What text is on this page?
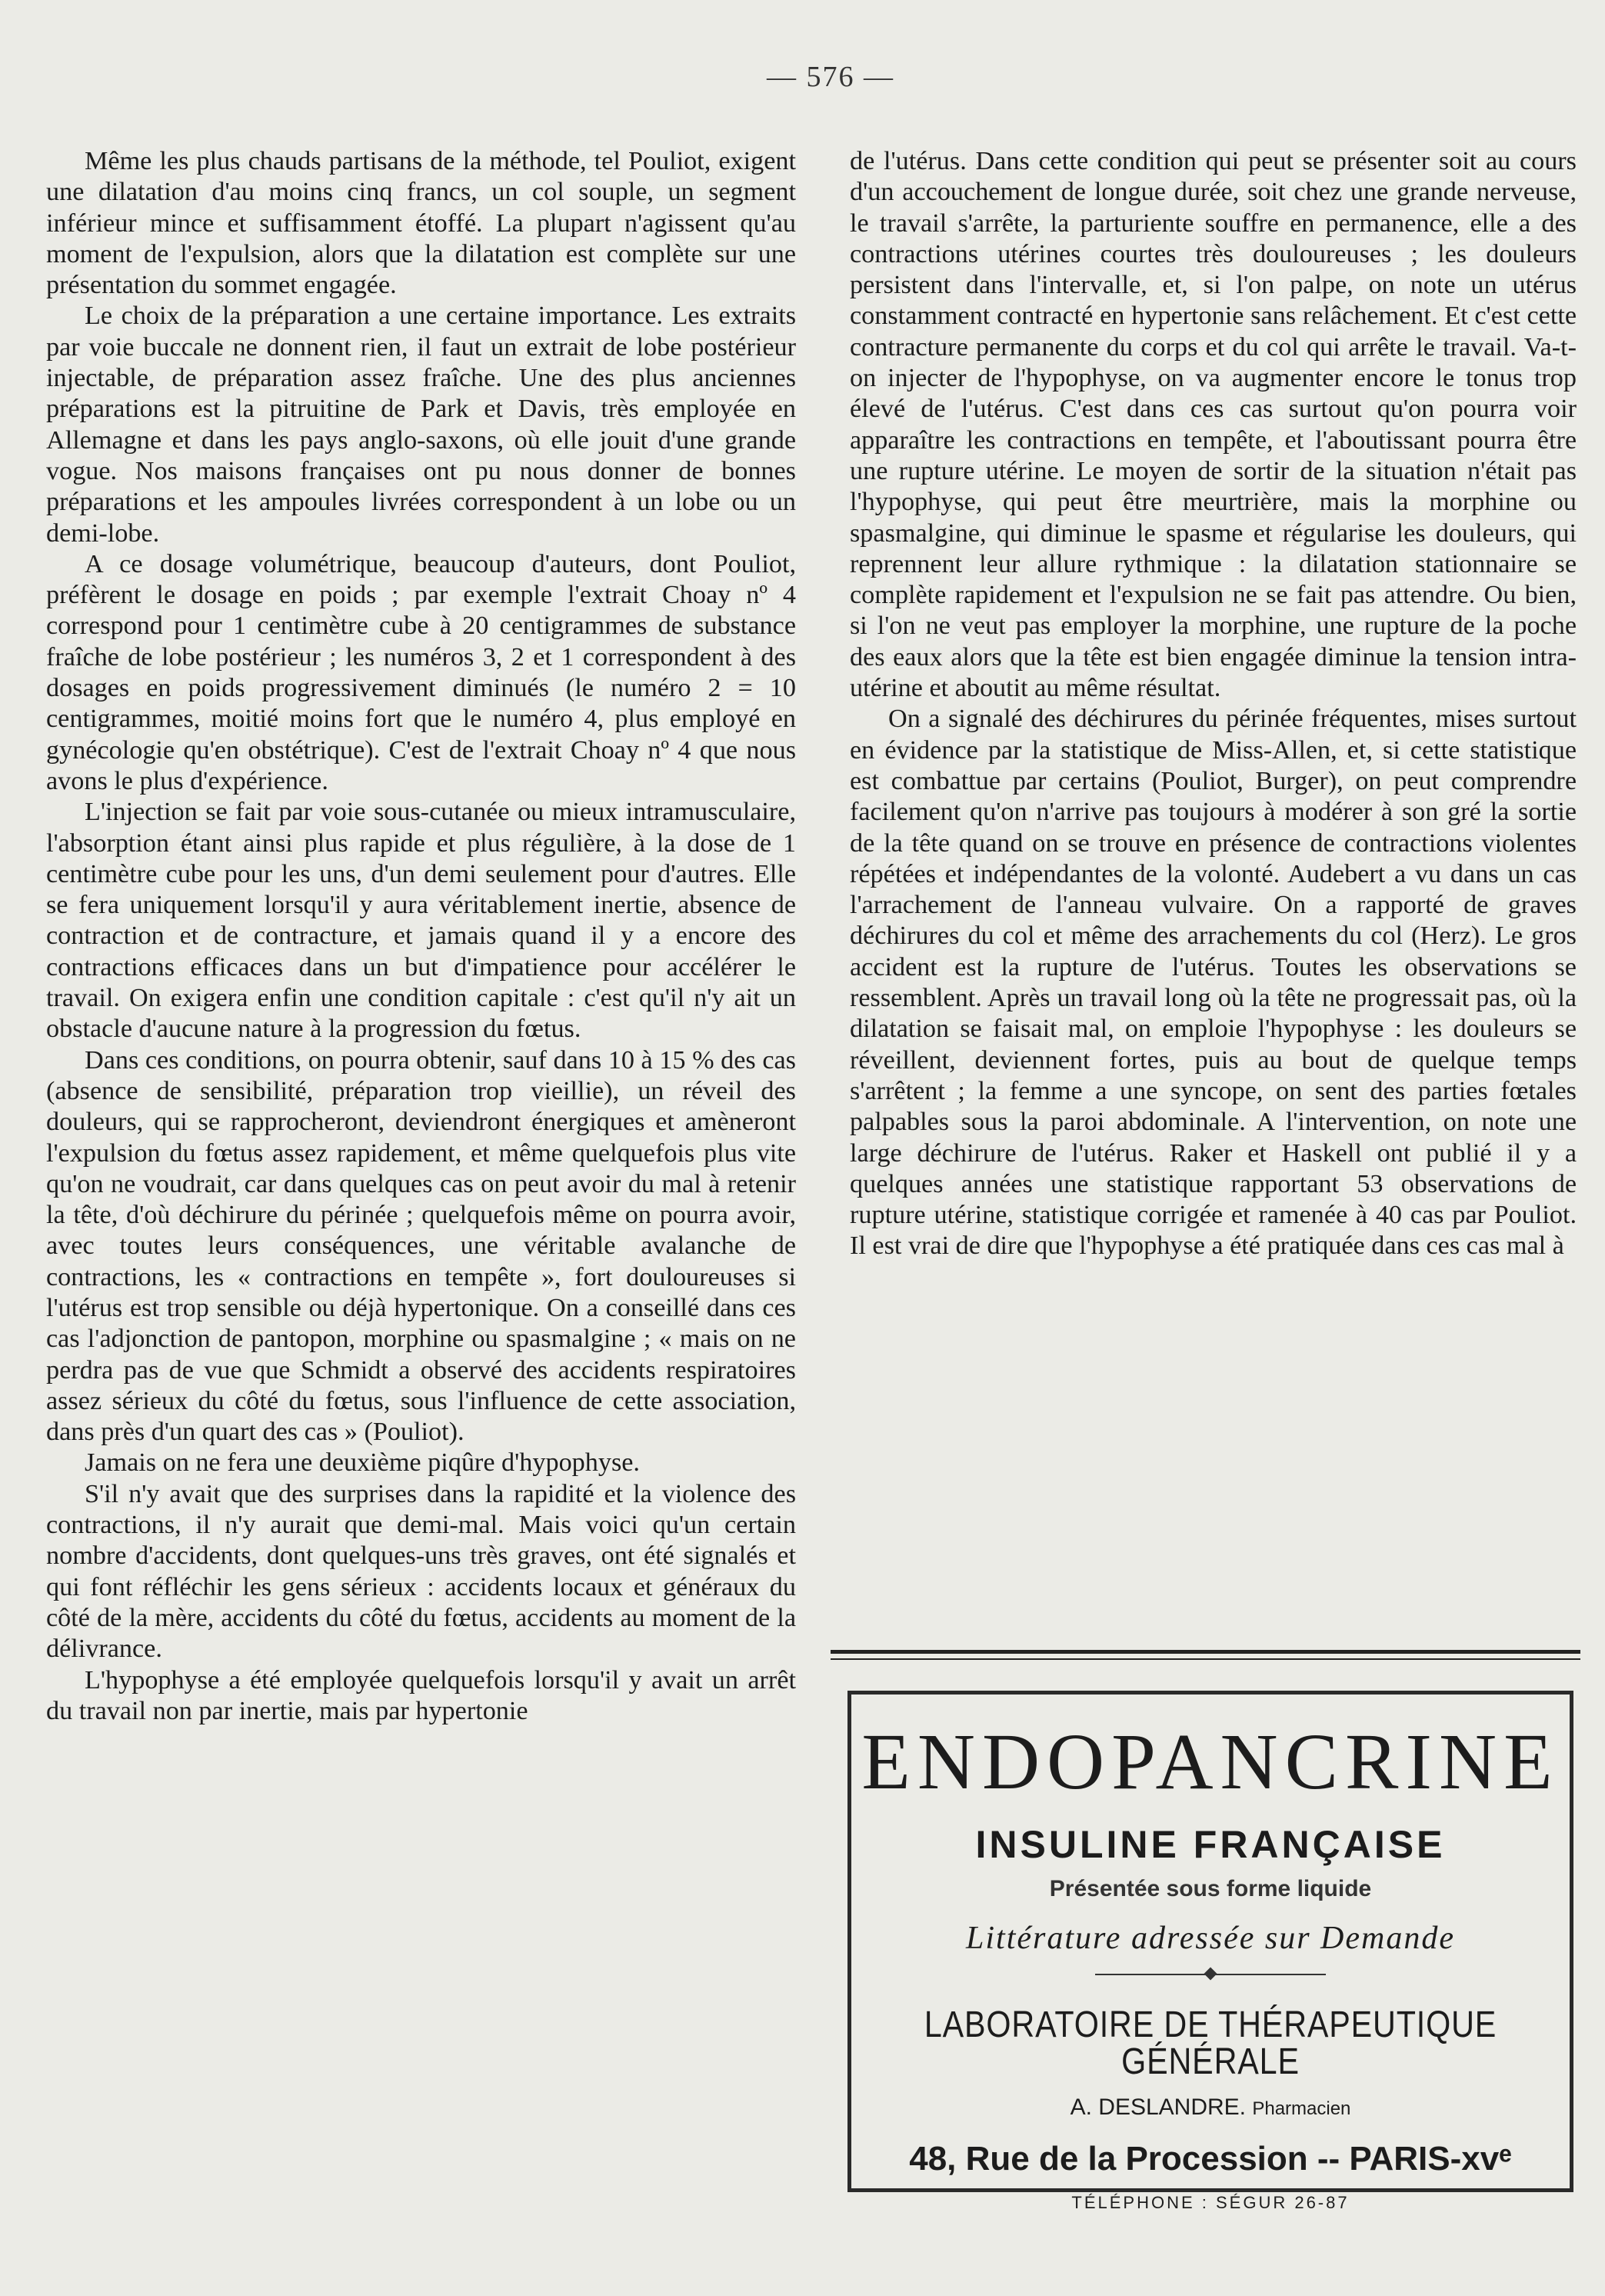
— 576 —

Même les plus chauds partisans de la méthode, tel Pouliot, exigent une dilatation d'au moins cinq francs, un col souple, un segment inférieur mince et suffisamment étoffé. La plupart n'agissent qu'au moment de l'expulsion, alors que la dilatation est complète sur une présentation du sommet engagée.

Le choix de la préparation a une certaine importance. Les extraits par voie buccale ne donnent rien, il faut un extrait de lobe postérieur injectable, de préparation assez fraîche. Une des plus anciennes préparations est la pitruitine de Park et Davis, très employée en Allemagne et dans les pays anglo-saxons, où elle jouit d'une grande vogue. Nos maisons françaises ont pu nous donner de bonnes préparations et les ampoules livrées correspondent à un lobe ou un demi-lobe.

A ce dosage volumétrique, beaucoup d'auteurs, dont Pouliot, préfèrent le dosage en poids ; par exemple l'extrait Choay nº 4 correspond pour 1 centimètre cube à 20 centigrammes de substance fraîche de lobe postérieur ; les numéros 3, 2 et 1 correspondent à des dosages en poids progressivement diminués (le numéro 2 = 10 centigrammes, moitié moins fort que le numéro 4, plus employé en gynécologie qu'en obstétrique). C'est de l'extrait Choay nº 4 que nous avons le plus d'expérience.

L'injection se fait par voie sous-cutanée ou mieux intramusculaire, l'absorption étant ainsi plus rapide et plus régulière, à la dose de 1 centimètre cube pour les uns, d'un demi seulement pour d'autres. Elle se fera uniquement lorsqu'il y aura véritablement inertie, absence de contraction et de contracture, et jamais quand il y a encore des contractions efficaces dans un but d'impatience pour accélérer le travail. On exigera enfin une condition capitale : c'est qu'il n'y ait un obstacle d'aucune nature à la progression du fœtus.

Dans ces conditions, on pourra obtenir, sauf dans 10 à 15 % des cas (absence de sensibilité, préparation trop vieillie), un réveil des douleurs, qui se rapprocheront, deviendront énergiques et amèneront l'expulsion du fœtus assez rapidement, et même quelquefois plus vite qu'on ne voudrait, car dans quelques cas on peut avoir du mal à retenir la tête, d'où déchirure du périnée ; quelquefois même on pourra avoir, avec toutes leurs conséquences, une véritable avalanche de contractions, les « contractions en tempête », fort douloureuses si l'utérus est trop sensible ou déjà hypertonique. On a conseillé dans ces cas l'adjonction de pantopon, morphine ou spasmalgine ; « mais on ne perdra pas de vue que Schmidt a observé des accidents respiratoires assez sérieux du côté du fœtus, sous l'influence de cette association, dans près d'un quart des cas » (Pouliot).

Jamais on ne fera une deuxième piqûre d'hypophyse.

S'il n'y avait que des surprises dans la rapidité et la violence des contractions, il n'y aurait que demi-mal. Mais voici qu'un certain nombre d'accidents, dont quelques-uns très graves, ont été signalés et qui font réfléchir les gens sérieux : accidents locaux et généraux du côté de la mère, accidents du côté du fœtus, accidents au moment de la délivrance.

L'hypophyse a été employée quelquefois lorsqu'il y avait un arrêt du travail non par inertie, mais par hypertonie

de l'utérus. Dans cette condition qui peut se présenter soit au cours d'un accouchement de longue durée, soit chez une grande nerveuse, le travail s'arrête, la parturiente souffre en permanence, elle a des contractions utérines courtes très douloureuses ; les douleurs persistent dans l'intervalle, et, si l'on palpe, on note un utérus constamment contracté en hypertonie sans relâchement. Et c'est cette contracture permanente du corps et du col qui arrête le travail. Va-t-on injecter de l'hypophyse, on va augmenter encore le tonus trop élevé de l'utérus. C'est dans ces cas surtout qu'on pourra voir apparaître les contractions en tempête, et l'aboutissant pourra être une rupture utérine. Le moyen de sortir de la situation n'était pas l'hypophyse, qui peut être meurtrière, mais la morphine ou spasmalgine, qui diminue le spasme et régularise les douleurs, qui reprennent leur allure rythmique : la dilatation stationnaire se complète rapidement et l'expulsion ne se fait pas attendre. Ou bien, si l'on ne veut pas employer la morphine, une rupture de la poche des eaux alors que la tête est bien engagée diminue la tension intra-utérine et aboutit au même résultat.

On a signalé des déchirures du périnée fréquentes, mises surtout en évidence par la statistique de Miss-Allen, et, si cette statistique est combattue par certains (Pouliot, Burger), on peut comprendre facilement qu'on n'arrive pas toujours à modérer à son gré la sortie de la tête quand on se trouve en présence de contractions violentes répétées et indépendantes de la volonté. Audebert a vu dans un cas l'arrachement de l'anneau vulvaire. On a rapporté de graves déchirures du col et même des arrachements du col (Herz). Le gros accident est la rupture de l'utérus. Toutes les observations se ressemblent. Après un travail long où la tête ne progressait pas, où la dilatation se faisait mal, on emploie l'hypophyse : les douleurs se réveillent, deviennent fortes, puis au bout de quelque temps s'arrêtent ; la femme a une syncope, on sent des parties fœtales palpables sous la paroi abdominale. A l'intervention, on note une large déchirure de l'utérus. Raker et Haskell ont publié il y a quelques années une statistique rapportant 53 observations de rupture utérine, statistique corrigée et ramenée à 40 cas par Pouliot. Il est vrai de dire que l'hypophyse a été pratiquée dans ces cas mal à

ENDOPANCRINE
INSULINE FRANÇAISE
Présentée sous forme liquide
Littérature adressée sur Demande
LABORATOIRE DE THÉRAPEUTIQUE GÉNÉRALE
A. DESLANDRE. Pharmacien
48, Rue de la Procession -- PARIS-xvᵉ
TÉLÉPHONE : SÉGUR 26-87
